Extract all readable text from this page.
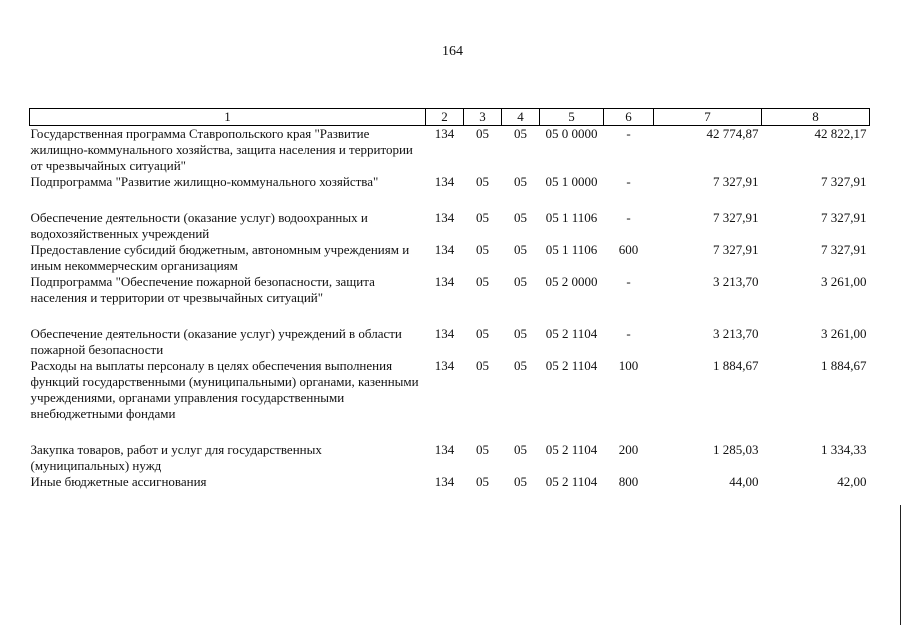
164
1	2	3	4	5	6	7	8
Государственная программа Ставропольского края "Развитие жилищно-коммунального хозяйства, защита населения и территории от чрезвычайных ситуаций"	134	05	05	05 0 0000	-	42 774,87	42 822,17
Подпрограмма "Развитие жилищно-коммунального хозяйства"	134	05	05	05 1 0000	-	7 327,91	7 327,91

Обеспечение деятельности (оказание услуг) водоохранных и водохозяйственных учреждений	134	05	05	05 1 1106	-	7 327,91	7 327,91
Предоставление субсидий бюджетным, автономным учреждениям и иным некоммерческим организациям	134	05	05	05 1 1106	600	7 327,91	7 327,91
Подпрограмма "Обеспечение пожарной безопасности, защита населения и территории от чрезвычайных ситуаций"	134	05	05	05 2 0000	-	3 213,70	3 261,00

Обеспечение деятельности (оказание услуг) учреждений в области пожарной безопасности	134	05	05	05 2 1104	-	3 213,70	3 261,00
Расходы на выплаты персоналу в целях обеспечения выполнения функций государственными (муниципальными) органами, казенными учреждениями, органами управления государственными внебюджетными фондами	134	05	05	05 2 1104	100	1 884,67	1 884,67

Закупка товаров, работ и услуг для государственных (муниципальных) нужд	134	05	05	05 2 1104	200	1 285,03	1 334,33
Иные бюджетные ассигнования	134	05	05	05 2 1104	800	44,00	42,00
